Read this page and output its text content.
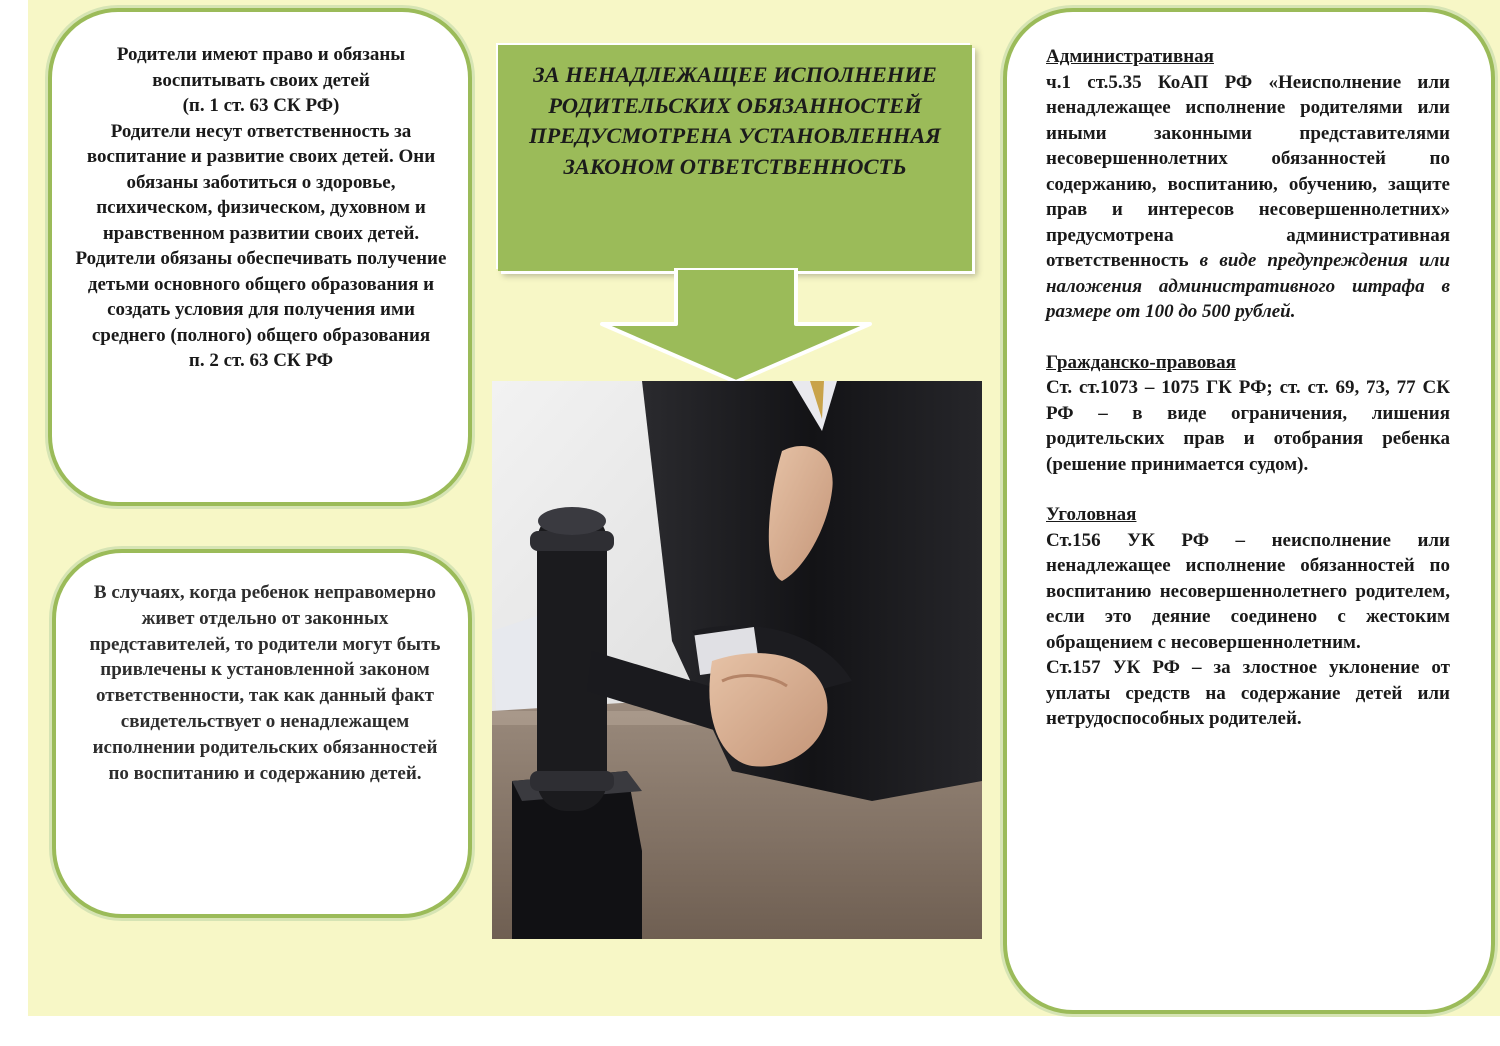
Родители имеют право и обязаны воспитывать своих детей
(п. 1 ст. 63 СК РФ)
Родители несут ответственность за воспитание и развитие своих детей. Они обязаны заботиться о здоровье, психическом, физическом, духовном и нравственном развитии своих детей.
Родители обязаны обеспечивать получение детьми основного общего образования и создать условия для получения ими среднего (полного) общего образования
п. 2 ст. 63 СК РФ
В случаях, когда ребенок неправомерно живет отдельно от законных представителей, то родители могут быть привлечены к установленной законом ответственности, так как данный факт свидетельствует о ненадлежащем исполнении родительских обязанностей по воспитанию и содержанию детей.
ЗА НЕНАДЛЕЖАЩЕЕ ИСПОЛНЕНИЕ РОДИТЕЛЬСКИХ ОБЯЗАННОСТЕЙ ПРЕДУСМОТРЕНА УСТАНОВЛЕННАЯ ЗАКОНОМ ОТВЕТСТВЕННОСТЬ

Административная

ч.1 ст.5.35 КоАП РФ «Неисполнение или ненадлежащее исполнение родителями или иными законными представителями несовершеннолетних обязанностей по содержанию, воспитанию, обучению, защите прав и интересов несовершеннолетних» предусмотрена административная ответственность в виде предупреждения или наложения административного штрафа в размере от 100 до 500 рублей.

Гражданско-правовая

Ст. ст.1073 – 1075 ГК РФ; ст. ст. 69, 73, 77 СК РФ – в виде ограничения, лишения родительских прав и отобрания ребенка (решение принимается судом).

Уголовная

Ст.156 УК РФ – неисполнение или ненадлежащее исполнение обязанностей по воспитанию несовершеннолетнего родителем, если это деяние соединено с жестоким обращением с несовершеннолетним.

Ст.157 УК РФ – за злостное уклонение от уплаты средств на содержание детей или нетрудоспособных родителей.
